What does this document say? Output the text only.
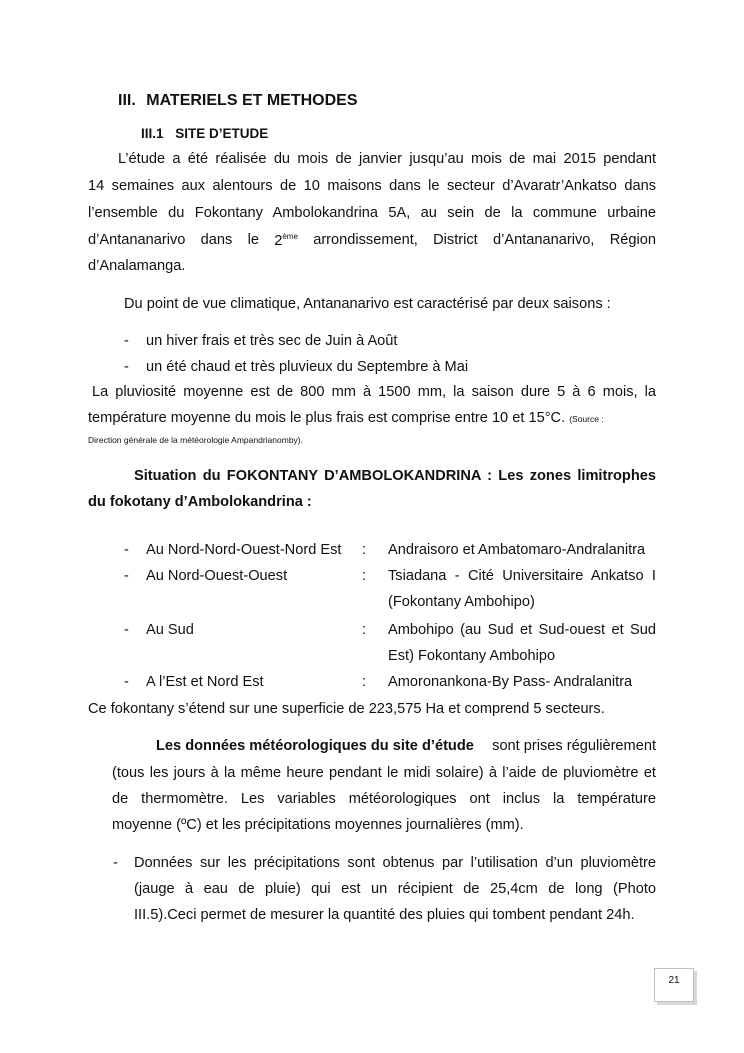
III. MATERIELS ET METHODES
III.1 SITE D’ETUDE
L’étude a été réalisée du mois de janvier jusqu’au mois de mai 2015 pendant
14 semaines aux alentours de 10 maisons dans le secteur d’Avaratr’Ankatso dans
l’ensemble du Fokontany Ambolokandrina 5A, au sein de la commune urbaine
d’Antananarivo dans le 2ème arrondissement, District d’Antananarivo, Région
d’Analamanga.
Du point de vue climatique, Antananarivo est caractérisé par deux saisons :
- un hiver frais et très sec de Juin à Août
- un été chaud et très pluvieux du Septembre à Mai
La pluviosité moyenne est de 800 mm à 1500 mm, la saison dure 5 à 6 mois, la
température moyenne du mois le plus frais est comprise entre 10 et 15°C. (Source :
Direction générale de la météorologie Ampandrianomby).
Situation du FOKONTANY D’AMBOLOKANDRINA : Les zones limitrophes
du fokotany d’Ambolokandrina :
- Au Nord-Nord-Ouest-Nord Est : Andraisoro et Ambatomaro-Andralanitra
- Au Nord-Ouest-Ouest	: Tsiadana - Cité Universitaire Ankatso I
(Fokontany Ambohipo)
- Au Sud	: Ambohipo (au Sud et Sud-ouest et Sud
Est) Fokontany Ambohipo
- A l’Est et Nord Est	: Amoronankona-By Pass- Andralanitra
Ce fokontany s’étend sur une superficie de 223,575 Ha et comprend 5 secteurs.
Les données météorologiques du site d’étude sont prises régulièrement
(tous les jours à la même heure pendant le midi solaire) à l’aide de pluviomètre et
de thermomètre. Les variables météorologiques ont inclus la température
moyenne (ºC) et les précipitations moyennes journalières (mm).
- Données sur les précipitations sont obtenus par l’utilisation d’un pluviomètre
(jauge à eau de pluie) qui est un récipient de 25,4cm de long (Photo
III.5).Ceci permet de mesurer la quantité des pluies qui tombent pendant 24h.
21
